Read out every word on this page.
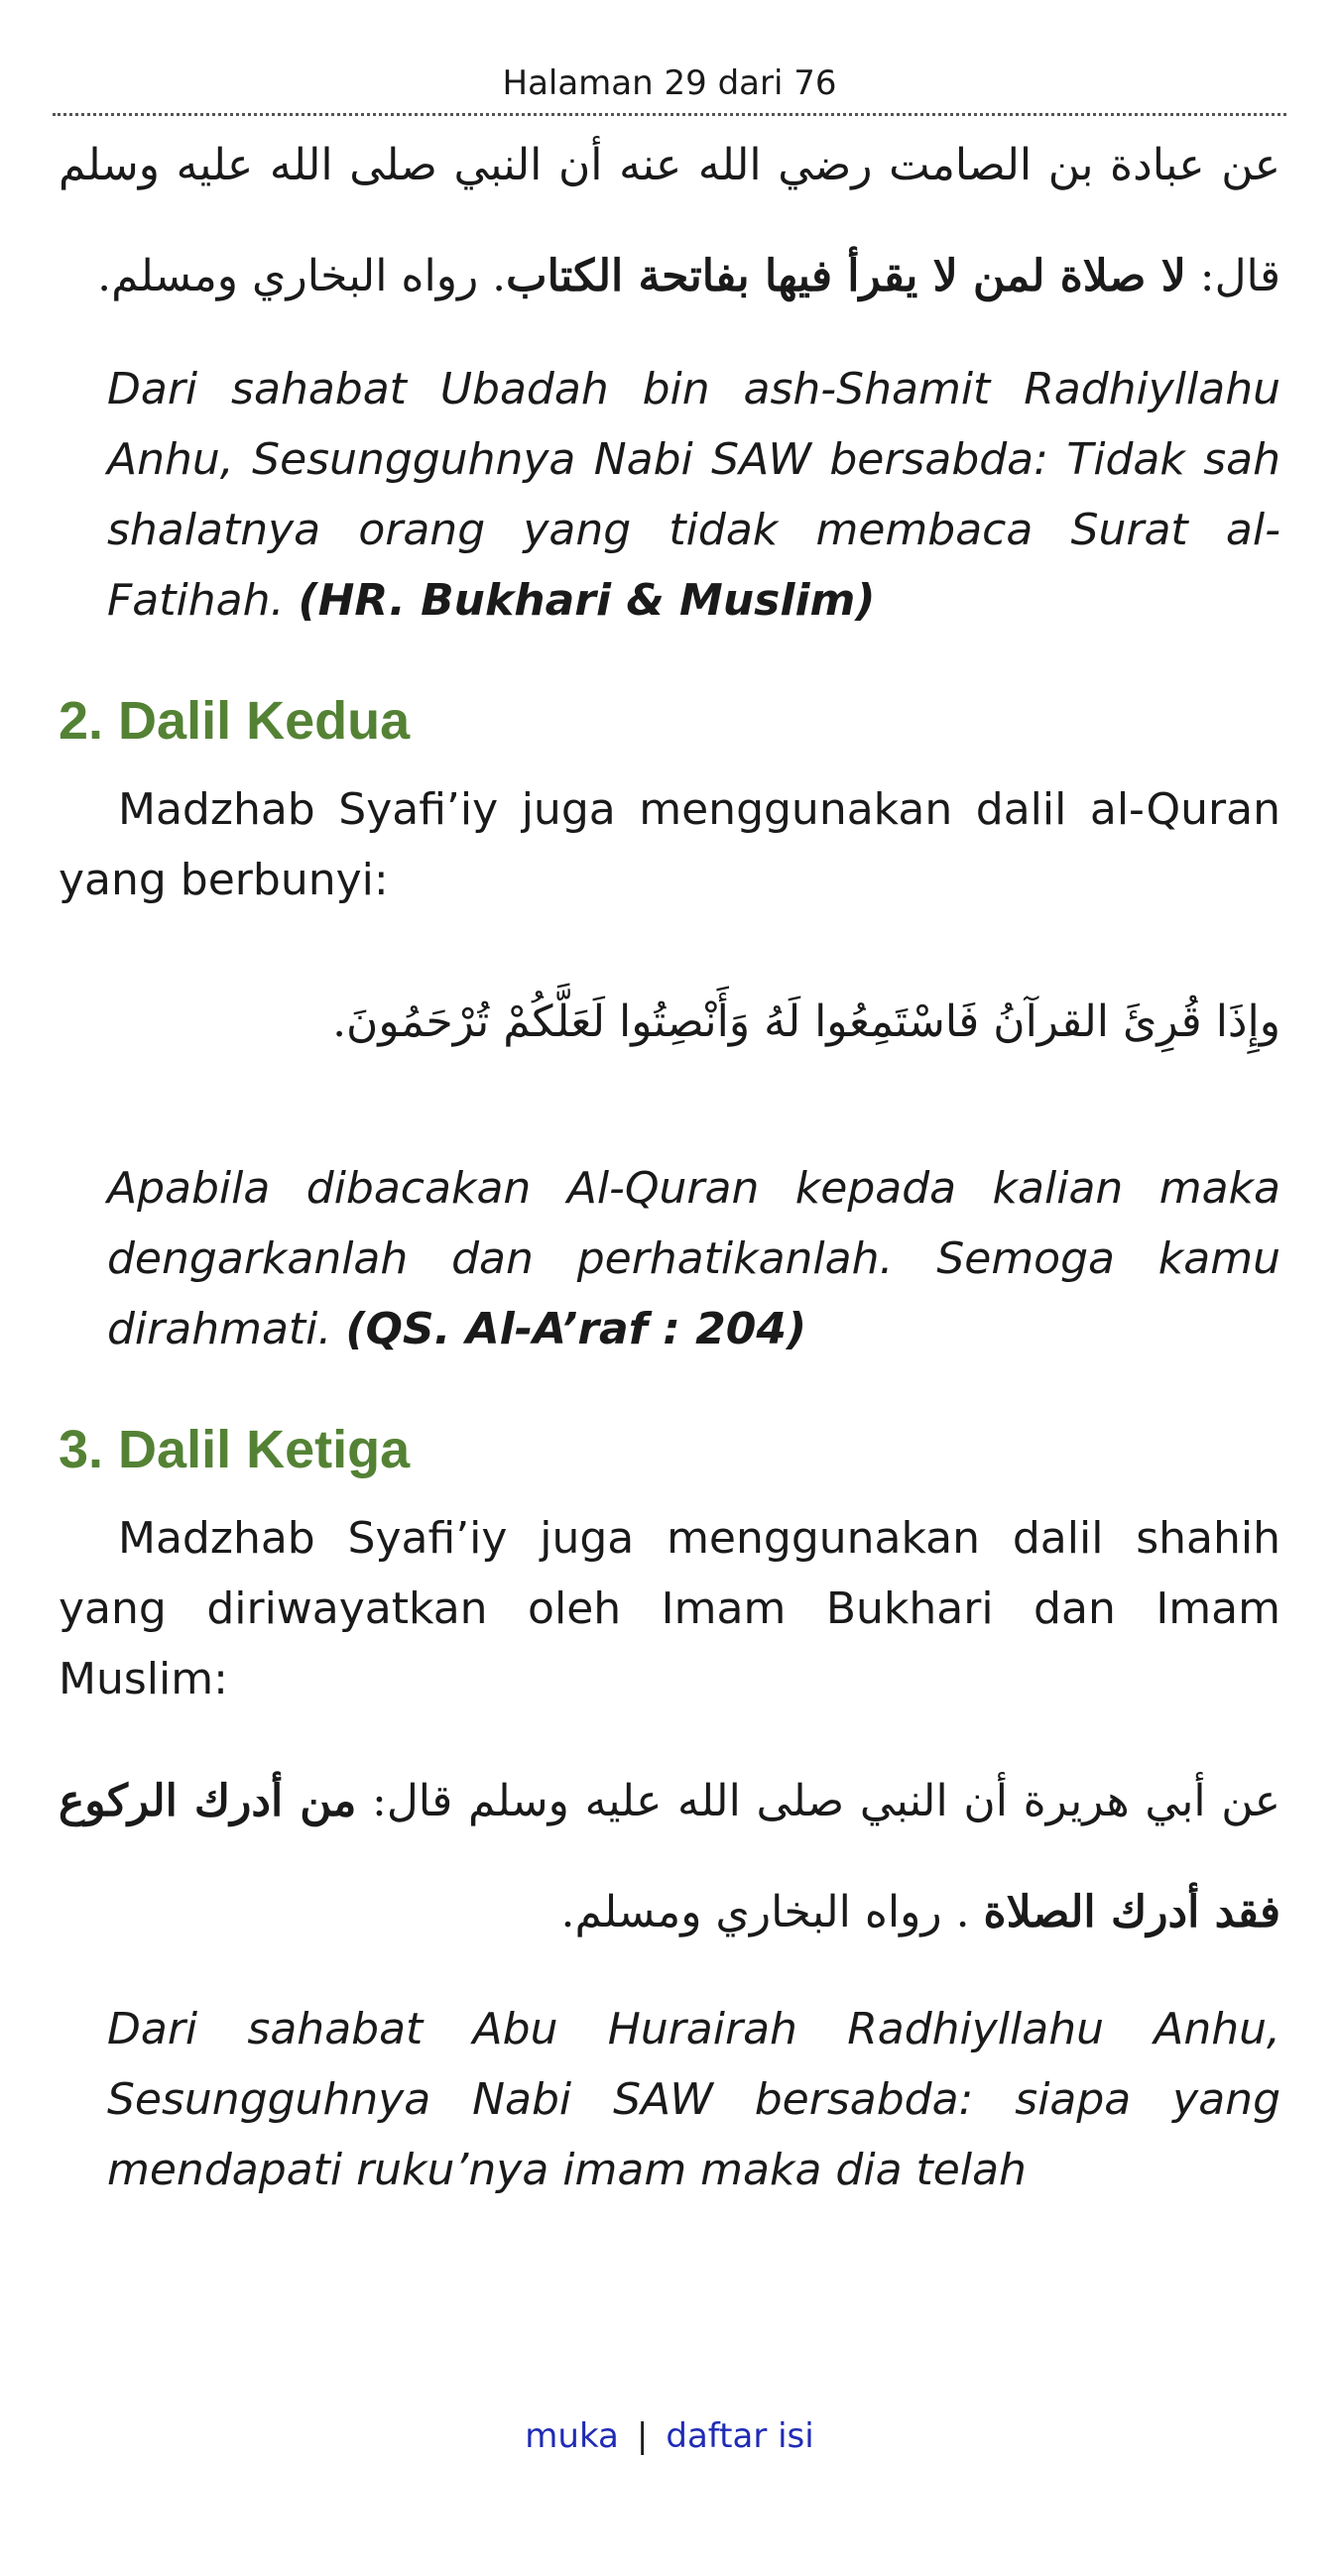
Halaman 29 dari 76

عن عبادة بن الصامت رضي الله عنه أن النبي صلى الله عليه وسلم قال: لا صلاة لمن لا يقرأ فيها بفاتحة الكتاب. رواه البخاري ومسلم.

Dari sahabat Ubadah bin ash-Shamit Radhiyllahu Anhu, Sesungguhnya Nabi SAW bersabda: Tidak sah shalatnya orang yang tidak membaca Surat al-Fatihah. (HR. Bukhari & Muslim)

2. Dalil Kedua

Madzhab Syafi’iy juga menggunakan dalil al-Quran yang berbunyi:

وإِذَا قُرِئَ القرآنُ فَاسْتَمِعُوا لَهُ وَأَنْصِتُوا لَعَلَّكُمْ تُرْحَمُونَ.

Apabila dibacakan Al-Quran kepada kalian maka dengarkanlah dan perhatikanlah. Semoga kamu dirahmati. (QS. Al-A’raf : 204)

3. Dalil Ketiga

Madzhab Syafi’iy juga menggunakan dalil shahih yang diriwayatkan oleh Imam Bukhari dan Imam Muslim:

عن أبي هريرة أن النبي صلى الله عليه وسلم قال: من أدرك الركوع فقد أدرك الصلاة . رواه البخاري ومسلم.

Dari sahabat Abu Hurairah Radhiyllahu Anhu, Sesungguhnya Nabi SAW bersabda: siapa yang mendapati ruku’nya imam maka dia telah

muka | daftar isi
